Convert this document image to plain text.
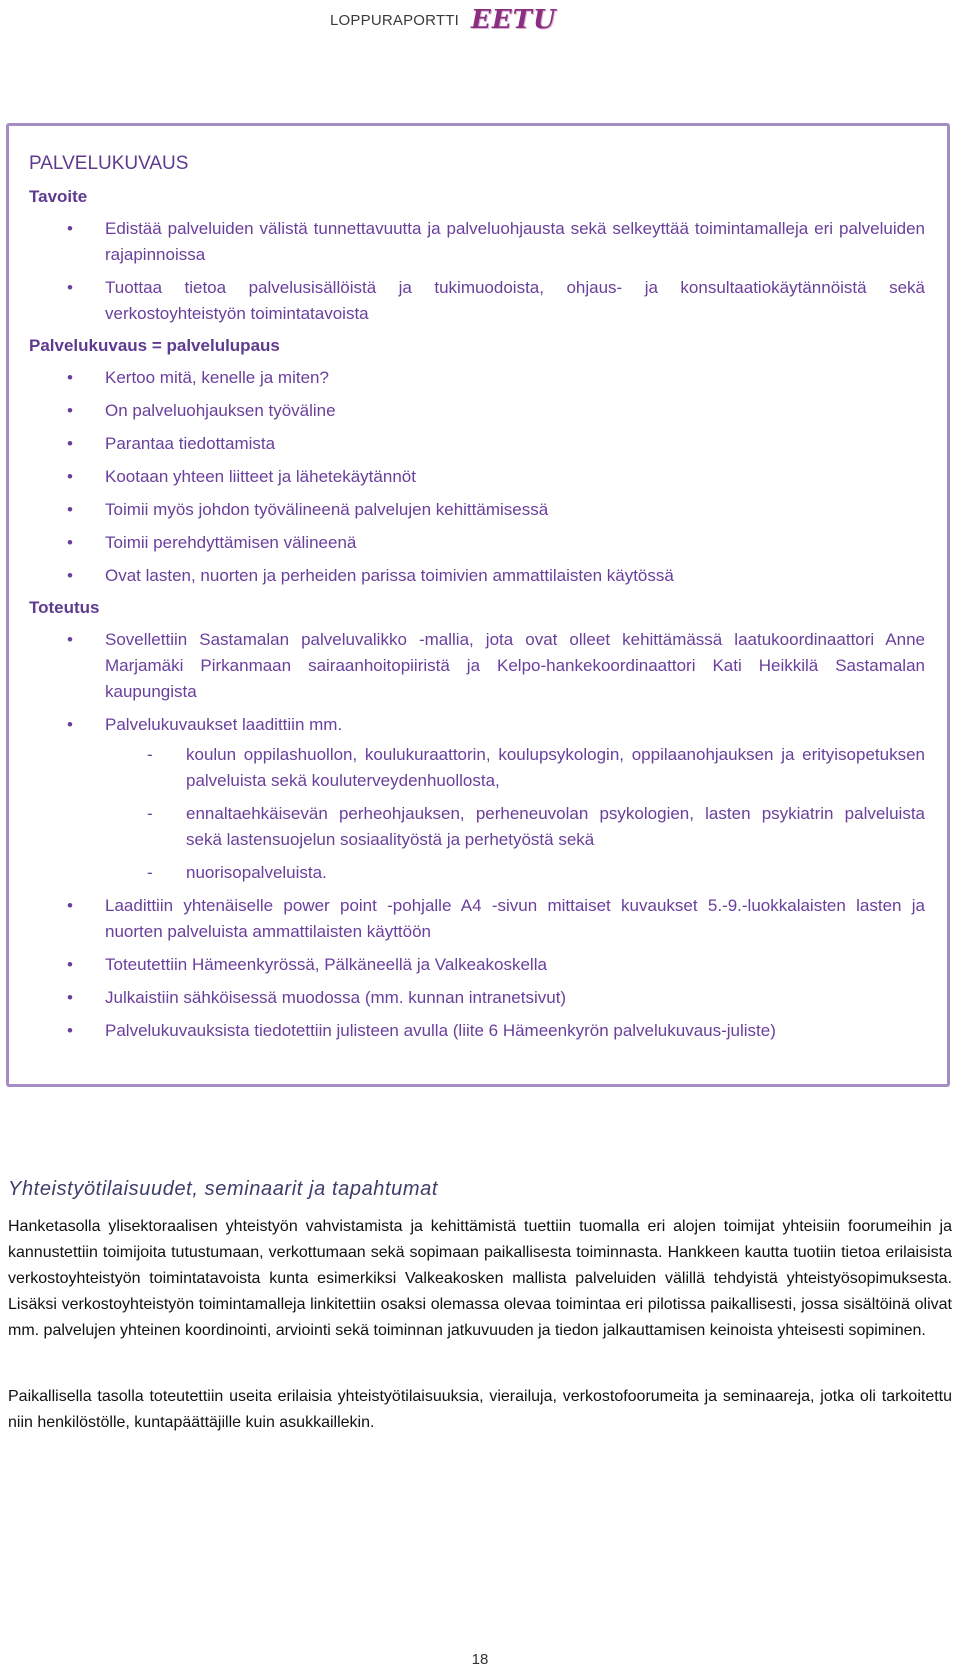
LOPPURAPORTTI EETU
PALVELUKUVAUS
Tavoite
• Edistää palveluiden välistä tunnettavuutta ja palveluohjausta sekä selkeyttää toimintamalleja eri palveluiden rajapinnoissa
• Tuottaa tietoa palvelusisällöistä ja tukimuodoista, ohjaus- ja konsultaatiokäytännöistä sekä verkostoyhteistyön toimintatavoista
Palvelukuvaus = palvelulupaus
• Kertoo mitä, kenelle ja miten?
• On palveluohjauksen työväline
• Parantaa tiedottamista
• Kootaan yhteen liitteet ja lähetekäytännöt
• Toimii myös johdon työvälineenä palvelujen kehittämisessä
• Toimii perehdyttämisen välineenä
• Ovat lasten, nuorten ja perheiden parissa toimivien ammattilaisten käytössä
Toteutus
• Sovellettiin Sastamalan palveluvalikko -mallia, jota ovat olleet kehittämässä laatukoordinaattori Anne Marjamäki Pirkanmaan sairaanhoitopiiristä ja Kelpo-hankekoordinaattori Kati Heikkilä Sastamalan kaupungista
• Palvelukuvaukset laadittiin mm.
- koulun oppilashuollon, koulukuraattorin, koulupsykologin, oppilaanohjauksen ja erityisopetuksen palveluista sekä kouluterveydenhuollosta,
- ennaltaehkäisevän perheohjauksen, perheneuvolan psykologien, lasten psykiatrin palveluista sekä lastensuojelun sosiaalityöstä ja perhetyöstä sekä
- nuorisopalveluista.
• Laadittiin yhtenäiselle power point -pohjalle A4 -sivun mittaiset kuvaukset 5.-9.-luokkalaisten lasten ja nuorten palveluista ammattilaisten käyttöön
• Toteutettiin Hämeenkyrössä, Pälkäneellä ja Valkeakoskella
• Julkaistiin sähköisessä muodossa (mm. kunnan intranetsivut)
• Palvelukuvauksista tiedotettiin julisteen avulla (liite 6 Hämeenkyrön palvelukuvaus-juliste)
Yhteistyötilaisuudet, seminaarit ja tapahtumat
Hanketasolla ylisektoraalisen yhteistyön vahvistamista ja kehittämistä tuettiin tuomalla eri alojen toimijat yhteisiin foorumeihin ja kannustettiin toimijoita tutustumaan, verkottumaan sekä sopimaan paikallisesta toiminnasta. Hankkeen kautta tuotiin tietoa erilaisista verkostoyhteistyön toimintatavoista kunta esimerkiksi Valkeakosken mallista palveluiden välillä tehdyistä yhteistyösopimuksesta. Lisäksi verkostoyhteistyön toimintamalleja linkitettiin osaksi olemassa olevaa toimintaa eri pilotissa paikallisesti, jossa sisältöinä olivat mm. palvelujen yhteinen koordinointi, arviointi sekä toiminnan jatkuvuuden ja tiedon jalkauttamisen keinoista yhteisesti sopiminen.
Paikallisella tasolla toteutettiin useita erilaisia yhteistyötilaisuuksia, vierailuja, verkostofoorumeita ja seminaareja, jotka oli tarkoitettu niin henkilöstölle, kuntapäättäjille kuin asukkaillekin.
18
